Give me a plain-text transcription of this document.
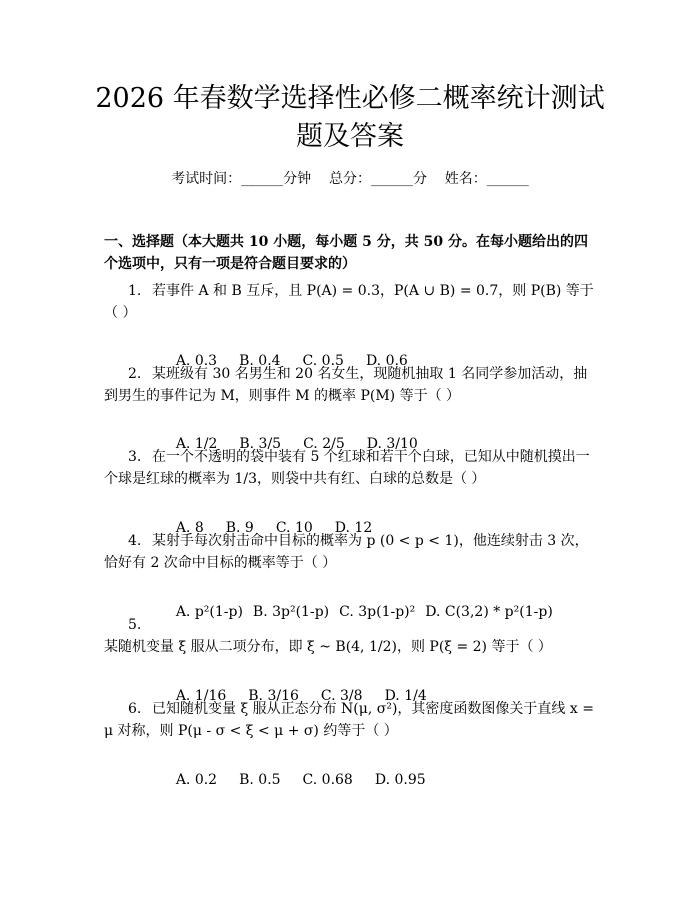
2026 年春数学选择性必修二概率统计测试题及答案
考试时间：______分钟    总分：______分    姓名：______
一、选择题（本大题共 10 小题，每小题 5 分，共 50 分。在每小题给出的四个选项中，只有一项是符合题目要求的）
1. 若事件 A 和 B 互斥，且 P(A) = 0.3，P(A ∪ B) = 0.7，则 P(B) 等于（ ）

A. 0.3 B. 0.4 C. 0.5 D. 0.6

2. 某班级有 30 名男生和 20 名女生，现随机抽取 1 名同学参加活动，抽到男生的事件记为 M，则事件 M 的概率 P(M) 等于（ ）

A. 1/2 B. 3/5 C. 2/5 D. 3/10

3. 在一个不透明的袋中装有 5 个红球和若干个白球，已知从中随机摸出一个球是红球的概率为 1/3，则袋中共有红、白球的总数是（ ）

A. 8 B. 9 C. 10 D. 12

4. 某射手每次射击命中目标的概率为 p (0 < p < 1)，他连续射击 3 次，恰好有 2 次命中目标的概率等于（ ）

A. p²(1-p) B. 3p²(1-p) C. 3p(1-p)² D. C(3,2) * p²(1-p)

5.某随机变量 ξ 服从二项分布，即 ξ ~ B(4, 1/2)，则 P(ξ = 2) 等于（ ）

A. 1/16 B. 3/16 C. 3/8 D. 1/4

6. 已知随机变量 ξ 服从正态分布 N(μ, σ²)，其密度函数图像关于直线 x = μ 对称，则 P(μ - σ < ξ < μ + σ) 约等于（ ）

A. 0.2 B. 0.5 C. 0.68 D. 0.95
